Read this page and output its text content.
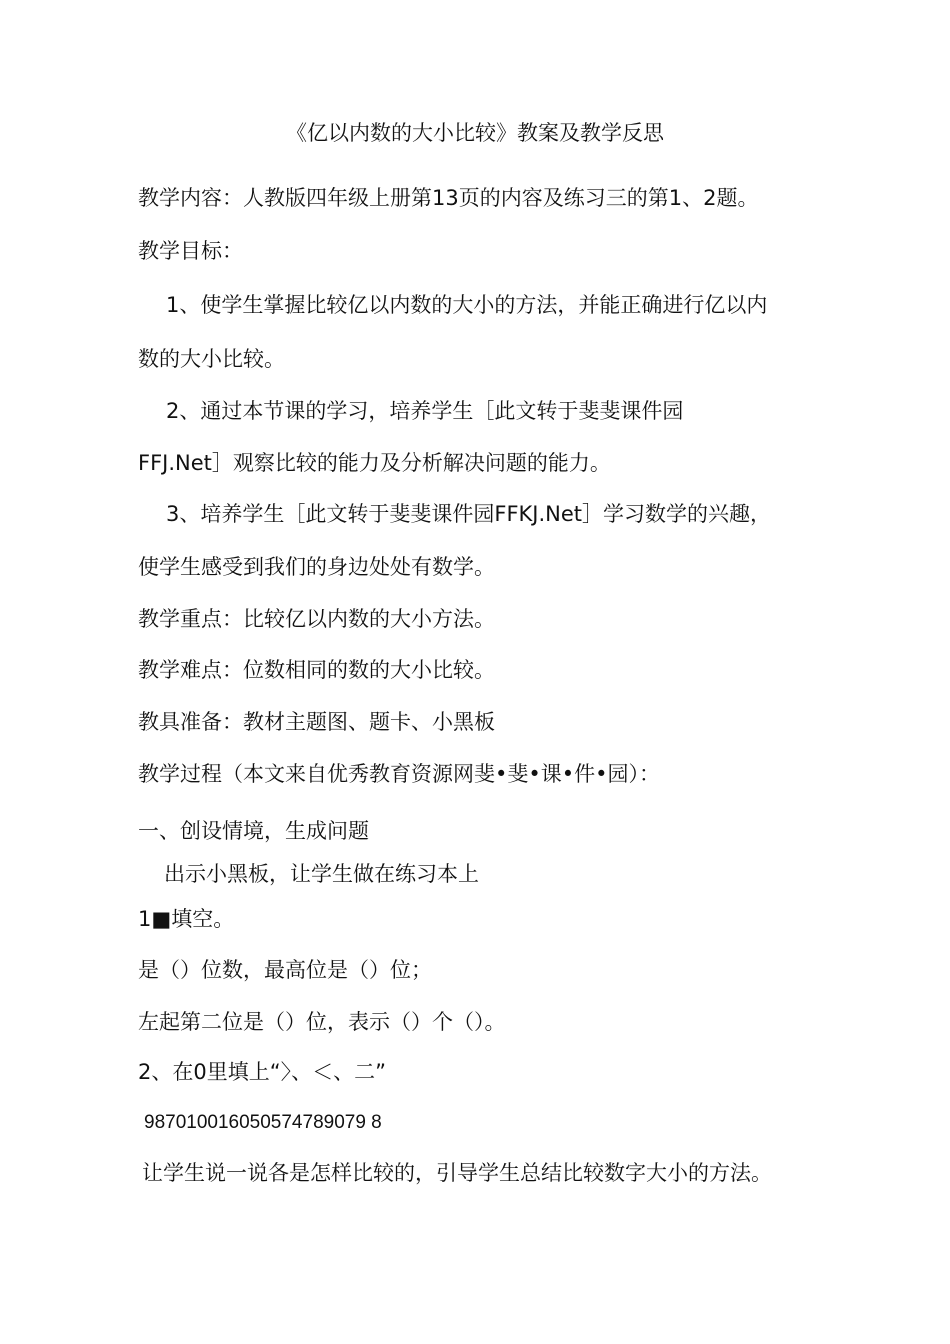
《亿以内数的大小比较》教案及教学反思
教学内容：人教版四年级上册第13页的内容及练习三的第1、2题。
教学目标：
1、使学生掌握比较亿以内数的大小的方法，并能正确进行亿以内
数的大小比较。
2、通过本节课的学习，培养学生［此文转于斐斐课件园
FFJ.Net］观察比较的能力及分析解决问题的能力。
3、培养学生［此文转于斐斐课件园FFKJ.Net］学习数学的兴趣，
使学生感受到我们的身边处处有数学。
教学重点：比较亿以内数的大小方法。
教学难点：位数相同的数的大小比较。
教具准备：教材主题图、题卡、小黑板
教学过程（本文来自优秀教育资源网斐•斐•课•件•园）：
一、创设情境，生成问题
出示小黑板，让学生做在练习本上
1■填空。
是（）位数，最高位是（）位；
左起第二位是（）位，表示（）个（）。
2、在0里填上“〉、＜、二”
987010016050574789079 8
让学生说一说各是怎样比较的，引导学生总结比较数字大小的方法。
